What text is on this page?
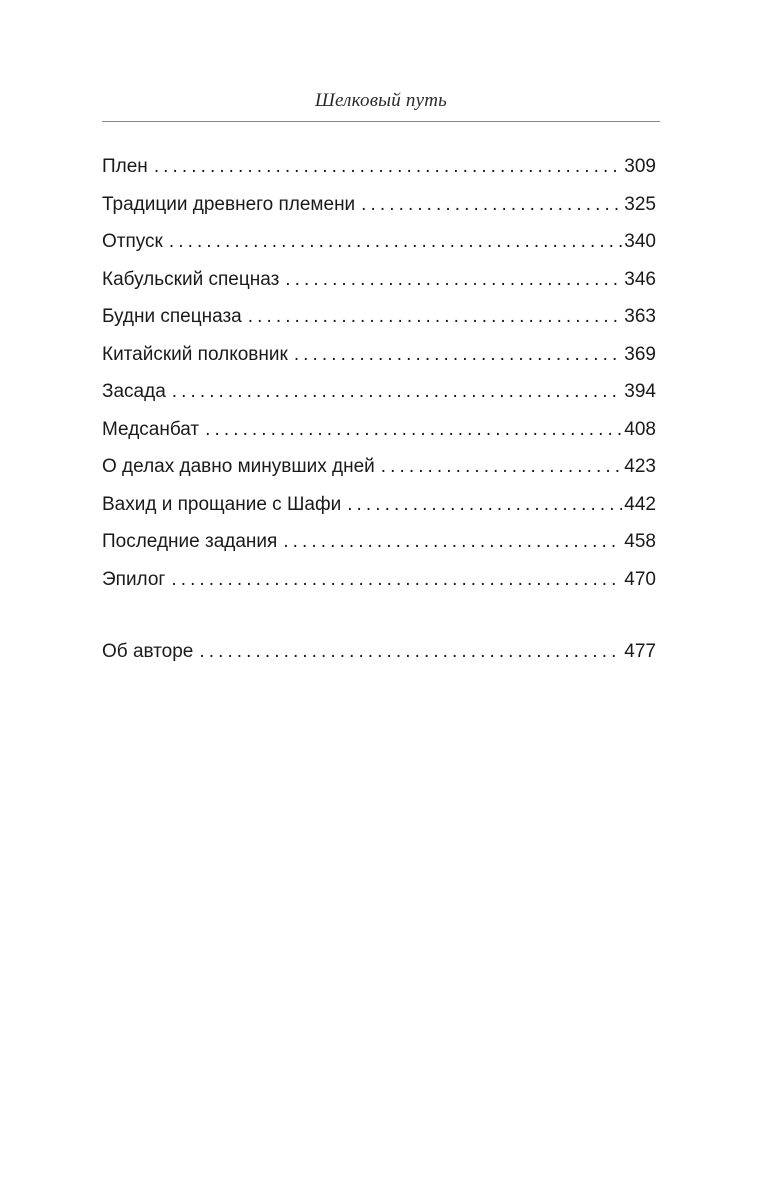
Шелковый путь
Плен . . .	309
Традиции древнего племени . . .	325
Отпуск . . .	340
Кабульский спецназ . . .	346
Будни спецназа . . .	363
Китайский полковник . . .	369
Засада . . .	394
Медсанбат . . .	408
О делах давно минувших дней . . .	423
Вахид и прощание с Шафи . . .	442
Последние задания . . .	458
Эпилог . . .	470
Об авторе . . .	477
